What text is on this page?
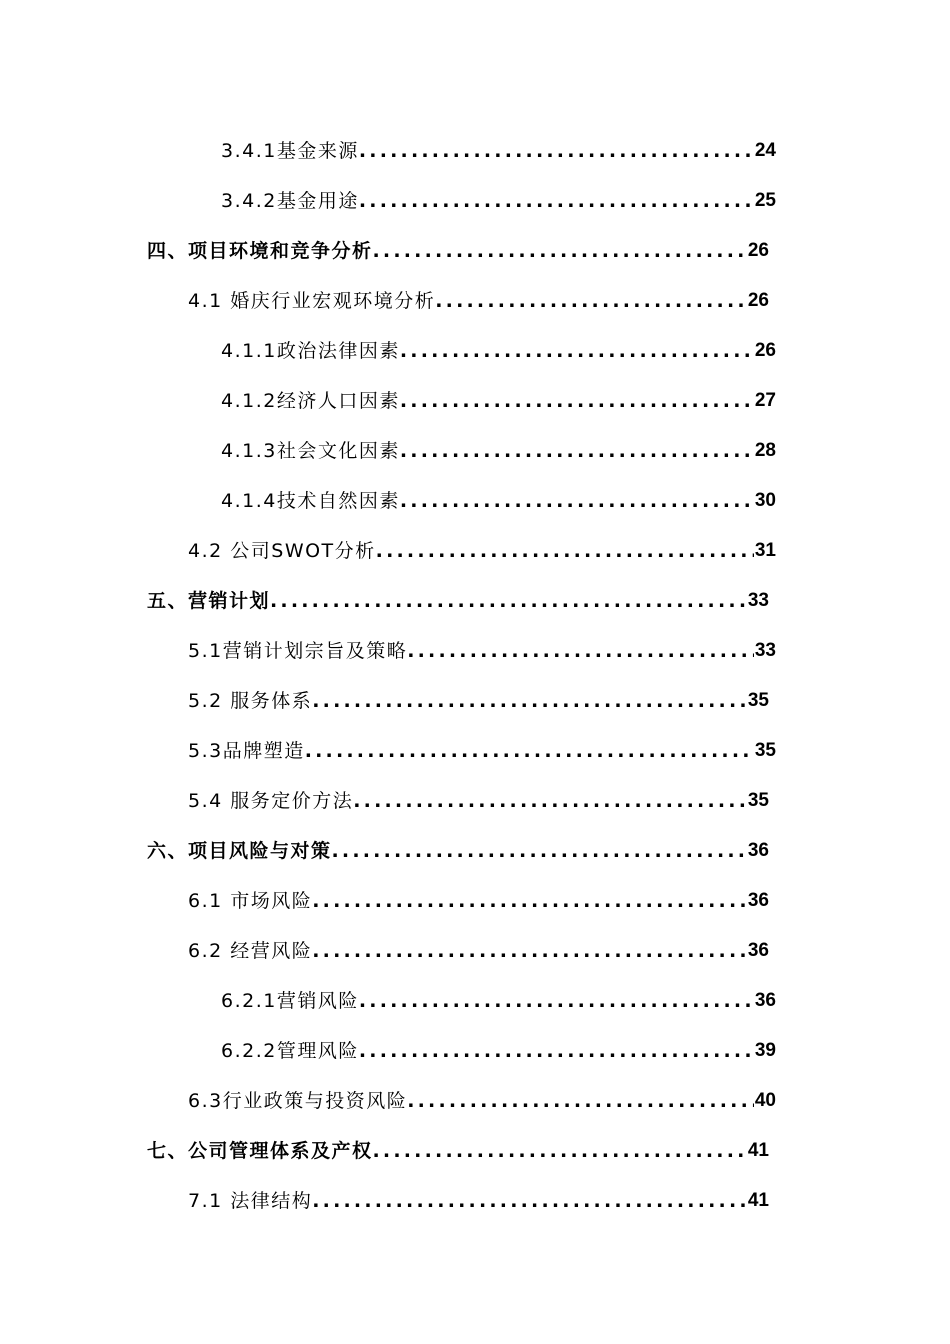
3.4.1基金来源 .....	24
3.4.2基金用途 .....	25
四、项目环境和竞争分析 .....	26
4.1 婚庆行业宏观环境分析 .....	26
4.1.1政治法律因素 .....	26
4.1.2经济人口因素 .....	27
4.1.3社会文化因素 .....	28
4.1.4技术自然因素 .....	30
4.2 公司SWOT分析 .....	31
五、营销计划 .....	33
5.1营销计划宗旨及策略 .....	33
5.2 服务体系 .....	35
5.3品牌塑造 .....	35
5.4 服务定价方法 .....	35
六、项目风险与对策 .....	36
6.1 市场风险 .....	36
6.2 经营风险 .....	36
6.2.1营销风险 .....	36
6.2.2管理风险 .....	39
6.3行业政策与投资风险 .....	40
七、公司管理体系及产权 .....	41
7.1 法律结构 .....	41
